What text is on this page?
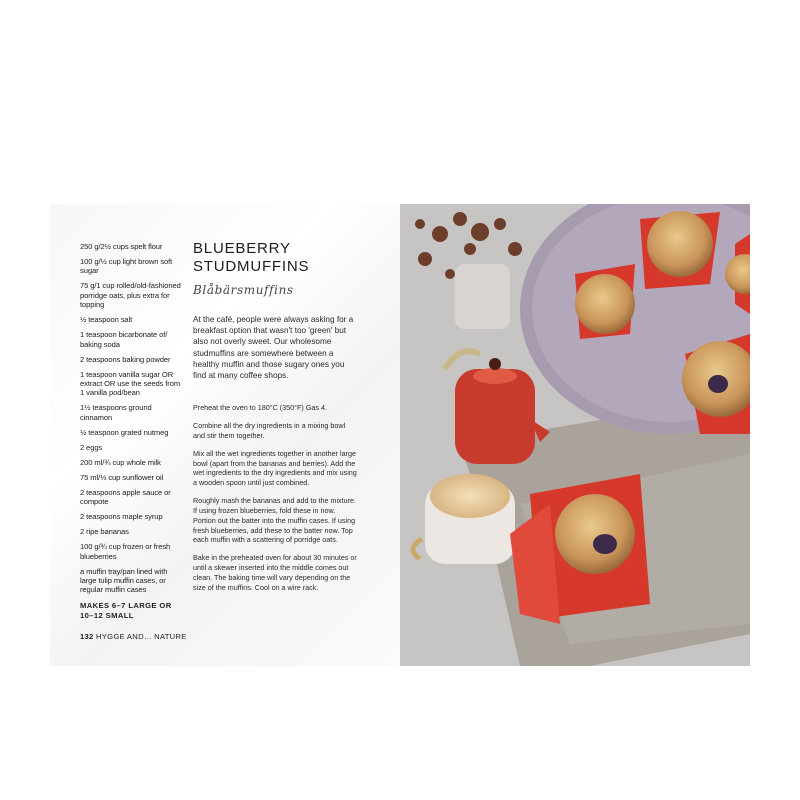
250 g/2½ cups spelt flour

100 g/½ cup light brown soft sugar

75 g/1 cup rolled/old-fashioned porridge oats, plus extra for topping

½ teaspoon salt

1 teaspoon bicarbonate of/ baking soda

2 teaspoons baking powder

1 teaspoon vanilla sugar OR extract OR use the seeds from 1 vanilla pod/bean

1½ teaspoons ground cinnamon

½ teaspoon grated nutmeg

2 eggs

200 ml/¾ cup whole milk

75 ml/⅓ cup sunflower oil

2 teaspoons apple sauce or compote

2 teaspoons maple syrup

2 ripe bananas

100 g/¾ cup frozen or fresh blueberries

a muffin tray/pan lined with large tulip muffin cases, or regular muffin cases

MAKES 6–7 LARGE OR 10–12 SMALL
BLUEBERRY
STUDMUFFINS
Blåbärsmuffins
At the café, people were always asking for a breakfast option that wasn't too 'green' but also not overly sweet. Our wholesome studmuffins are somewhere between a healthy muffin and those sugary ones you find at many coffee shops.

Preheat the oven to 180°C (350°F) Gas 4.

Combine all the dry ingredients in a mixing bowl and stir them together.

Mix all the wet ingredients together in another large bowl (apart from the bananas and berries). Add the wet ingredients to the dry ingredients and mix using a wooden spoon until just combined.

Roughly mash the bananas and add to the mixture. If using frozen blueberries, fold these in now. Portion out the batter into the muffin cases. If using fresh blueberries, add these to the batter now. Top each muffin with a scattering of porridge oats.

Bake in the preheated oven for about 30 minutes or until a skewer inserted into the middle comes out clean. The baking time will vary depending on the size of the muffins. Cool on a wire rack.

132 HYGGE AND… NATURE
